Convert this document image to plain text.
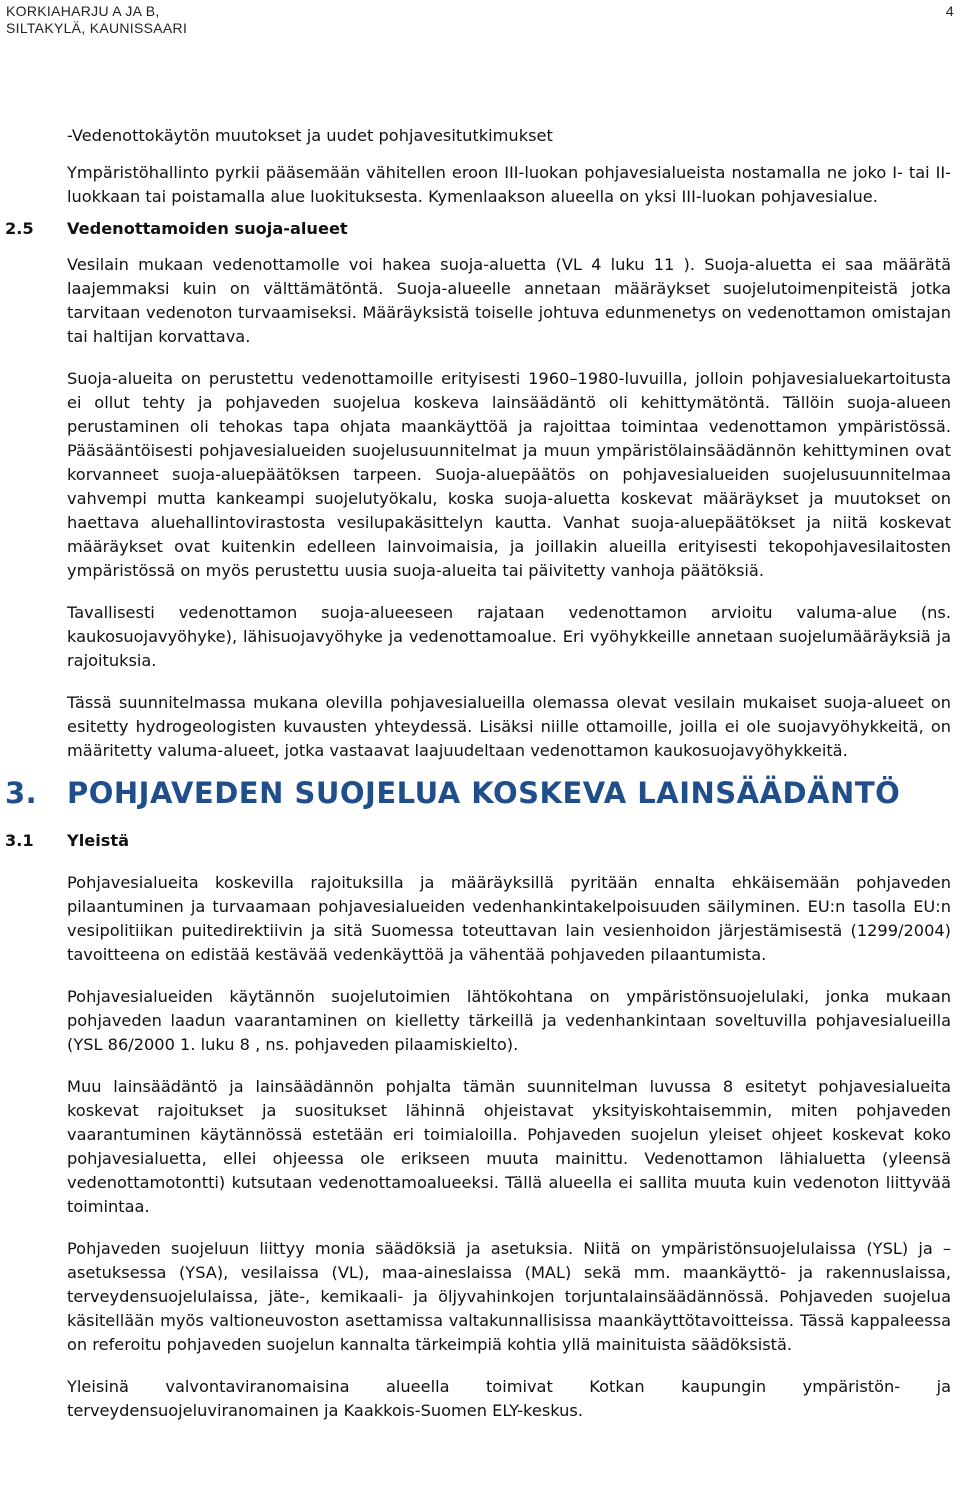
KORKIAHARJU A JA B,
SILTAKYLÄ, KAUNISSAARI
4

-Vedenottokäytön muutokset ja uudet pohjavesitutkimukset

Ympäristöhallinto pyrkii pääsemään vähitellen eroon III-luokan pohjavesialueista nostamalla ne joko I- tai II-luokkaan tai poistamalla alue luokituksesta. Kymenlaakson alueella on yksi III-luokan pohjavesialue.

2.5 Vedenottamoiden suoja-alueet

Vesilain mukaan vedenottamolle voi hakea suoja-aluetta (VL 4 luku 11 ). Suoja-aluetta ei saa määrätä laajemmaksi kuin on välttämätöntä. Suoja-alueelle annetaan määräykset suojelutoimenpiteistä jotka tarvitaan vedenoton turvaamiseksi. Määräyksistä toiselle johtuva edunmenetys on vedenottamon omistajan tai haltijan korvattava.

Suoja-alueita on perustettu vedenottamoille erityisesti 1960–1980-luvuilla, jolloin pohjavesialuekartoitusta ei ollut tehty ja pohjaveden suojelua koskeva lainsäädäntö oli kehittymätöntä. Tällöin suoja-alueen perustaminen oli tehokas tapa ohjata maankäyttöä ja rajoittaa toimintaa vedenottamon ympäristössä. Pääsääntöisesti pohjavesialueiden suojelusuunnitelmat ja muun ympäristölainsäädännön kehittyminen ovat korvanneet suoja-aluepäätöksen tarpeen. Suoja-aluepäätös on pohjavesialueiden suojelusuunnitelmaa vahvempi mutta kankeampi suojelutyökalu, koska suoja-aluetta koskevat määräykset ja muutokset on haettava aluehallintovirastosta vesilupakäsittelyn kautta. Vanhat suoja-aluepäätökset ja niitä koskevat määräykset ovat kuitenkin edelleen lainvoimaisia, ja joillakin alueilla erityisesti tekopohjavesilaitosten ympäristössä on myös perustettu uusia suoja-alueita tai päivitetty vanhoja päätöksiä.

Tavallisesti vedenottamon suoja-alueeseen rajataan vedenottamon arvioitu valuma-alue (ns. kaukosuojavyöhyke), lähisuojavyöhyke ja vedenottamoalue. Eri vyöhykkeille annetaan suojelumääräyksiä ja rajoituksia.

Tässä suunnitelmassa mukana olevilla pohjavesialueilla olemassa olevat vesilain mukaiset suoja-alueet on esitetty hydrogeologisten kuvausten yhteydessä. Lisäksi niille ottamoille, joilla ei ole suojavyöhykkeitä, on määritetty valuma-alueet, jotka vastaavat laajuudeltaan vedenottamon kaukosuojavyöhykkeitä.

3. POHJAVEDEN SUOJELUA KOSKEVA LAINSÄÄDÄNTÖ
3.1 Yleistä

Pohjavesialueita koskevilla rajoituksilla ja määräyksillä pyritään ennalta ehkäisemään pohjaveden pilaantuminen ja turvaamaan pohjavesialueiden vedenhankintakelpoisuuden säilyminen. EU:n tasolla EU:n vesipolitiikan puitedirektiivin ja sitä Suomessa toteuttavan lain vesienhoidon järjestämisestä (1299/2004) tavoitteena on edistää kestävää vedenkäyttöä ja vähentää pohjaveden pilaantumista.

Pohjavesialueiden käytännön suojelutoimien lähtökohtana on ympäristönsuojelulaki, jonka mukaan pohjaveden laadun vaarantaminen on kielletty tärkeillä ja vedenhankintaan soveltuvilla pohjavesialueilla (YSL 86/2000 1. luku 8 , ns. pohjaveden pilaamiskielto).

Muu lainsäädäntö ja lainsäädännön pohjalta tämän suunnitelman luvussa 8 esitetyt pohjavesialueita koskevat rajoitukset ja suositukset lähinnä ohjeistavat yksityiskohtaisemmin, miten pohjaveden vaarantuminen käytännössä estetään eri toimialoilla. Pohjaveden suojelun yleiset ohjeet koskevat koko pohjavesialuetta, ellei ohjeessa ole erikseen muuta mainittu. Vedenottamon lähialuetta (yleensä vedenottamotontti) kutsutaan vedenottamoalueeksi. Tällä alueella ei sallita muuta kuin vedenoton liittyvää toimintaa.

Pohjaveden suojeluun liittyy monia säädöksiä ja asetuksia. Niitä on ympäristönsuojelulaissa (YSL) ja –asetuksessa (YSA), vesilaissa (VL), maa-aineslaissa (MAL) sekä mm. maankäyttö- ja rakennuslaissa, terveydensuojelulaissa, jäte-, kemikaali- ja öljyvahinkojen torjuntalainsäädännössä. Pohjaveden suojelua käsitellään myös valtioneuvoston asettamissa valtakunnallisissa maankäyttötavoitteissa. Tässä kappaleessa on referoitu pohjaveden suojelun kannalta tärkeimpiä kohtia yllä mainituista säädöksistä.

Yleisinä valvontaviranomaisina alueella toimivat Kotkan kaupungin ympäristön- ja terveydensuojeluviranomainen ja Kaakkois-Suomen ELY-keskus.
